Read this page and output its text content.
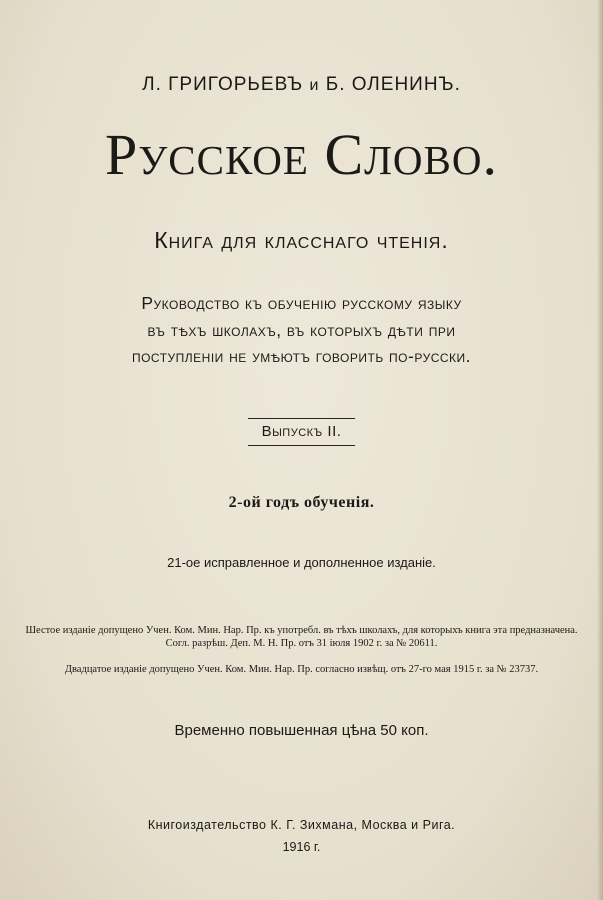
Л. ГРИГОРЬЕВЪ и Б. ОЛЕНИНЪ.
Русское Слово.
Книга для класснаго чтенія.
Руководство къ обученію русскому языку
въ тѣхъ школахъ, въ которыхъ дѣти при
поступленіи не умѣютъ говорить по-русски.
Выпускъ II.
2-ой годъ обученія.
21-ое исправленное и дополненное изданіе.
Шестое изданіе допущено Учен. Ком. Мин. Нар. Пр. къ употребл. въ тѣхъ школахъ, для которыхъ книга эта предназначена. Согл. разрѣш. Деп. М. Н. Пр. отъ 31 іюля 1902 г. за № 20611.
Двадцатое изданіе допущено Учен. Ком. Мин. Нар. Пр. согласно извѣщ. отъ 27-го мая 1915 г. за № 23737.
Временно повышенная цѣна 50 коп.
Книгоиздательство К. Г. Зихмана, Москва и Рига.
1916 г.
